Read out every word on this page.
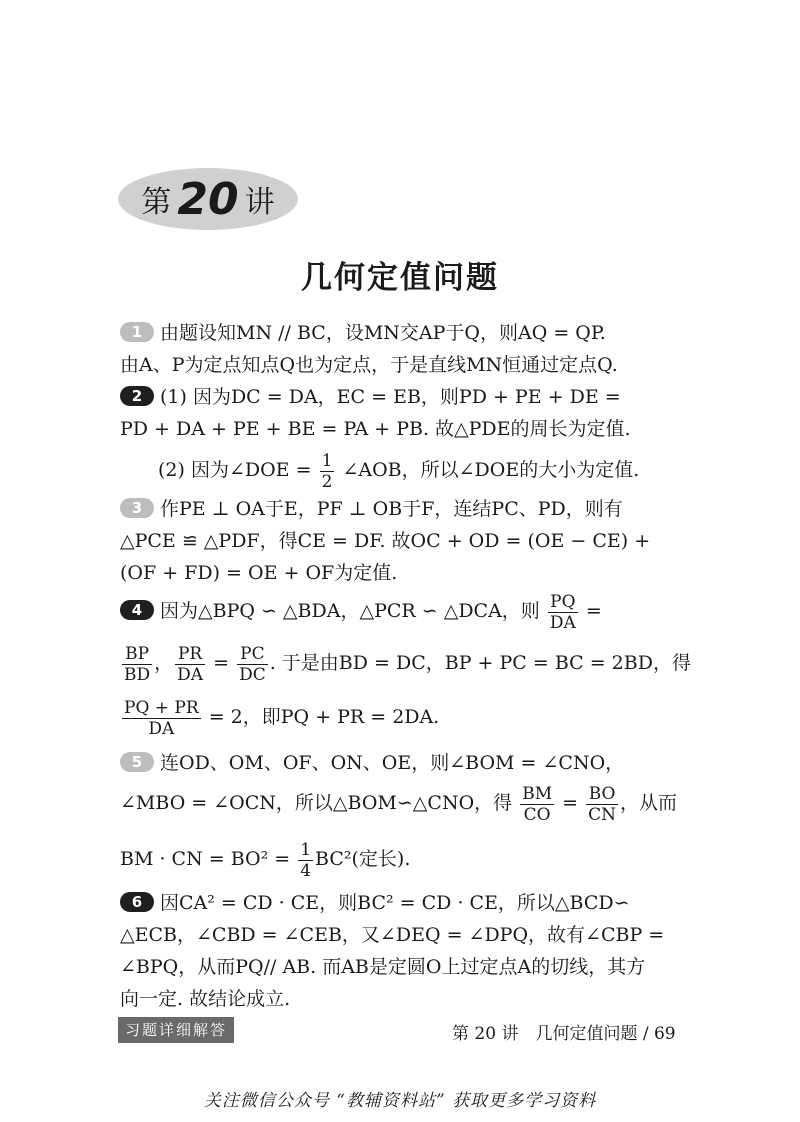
第 20 讲
几何定值问题
1 由题设知MN // BC，设MN交AP于Q，则AQ = QP.
由A、P为定点知点Q也为定点，于是直线MN恒通过定点Q.
2 (1) 因为DC = DA，EC = EB，则PD + PE + DE =
PD + DA + PE + BE = PA + PB. 故△PDE的周长为定值.
(2) 因为∠DOE = $\frac{1}{2}$ ∠AOB，所以∠DOE的大小为定值.
3 作PE ⊥ OA于E，PF ⊥ OB于F，连结PC、PD，则有
△PCE ≌ △PDF，得CE = DF. 故OC + OD = (OE − CE) +
(OF + FD) = OE + OF为定值.
4 因为△BPQ ∽ △BDA，△PCR ∽ △DCA，则 $\frac{PQ}{DA}$ =
$\frac{BP}{BD}$ ， $\frac{PR}{DA} = \frac{PC}{DC}$ . 于是由BD = DC，BP + PC = BC = 2BD，得
$\frac{PQ + PR}{DA} = 2$，即PQ + PR = 2DA.
5 连OD、OM、OF、ON、OE，则∠BOM = ∠CNO，
∠MBO = ∠OCN，所以△BOM∽△CNO，得 $\frac{BM}{CO} = \frac{BO}{CN}$ ，从而
BM · CN = $BO^2 = \frac{1}{4} BC^2$(定长).
6 因CA² = CD · CE，则BC² = CD · CE，所以△BCD∽
△ECB，∠CBD = ∠CEB，又∠DEQ = ∠DPQ，故有∠CBP =
∠BPQ，从而PQ// AB. 而AB是定圆O上过定点A的切线，其方
向一定. 故结论成立.
习题详细解答	第 20 讲　几何定值问题 / 69
关注微信公众号 “教辅资料站” 获取更多学习资料
